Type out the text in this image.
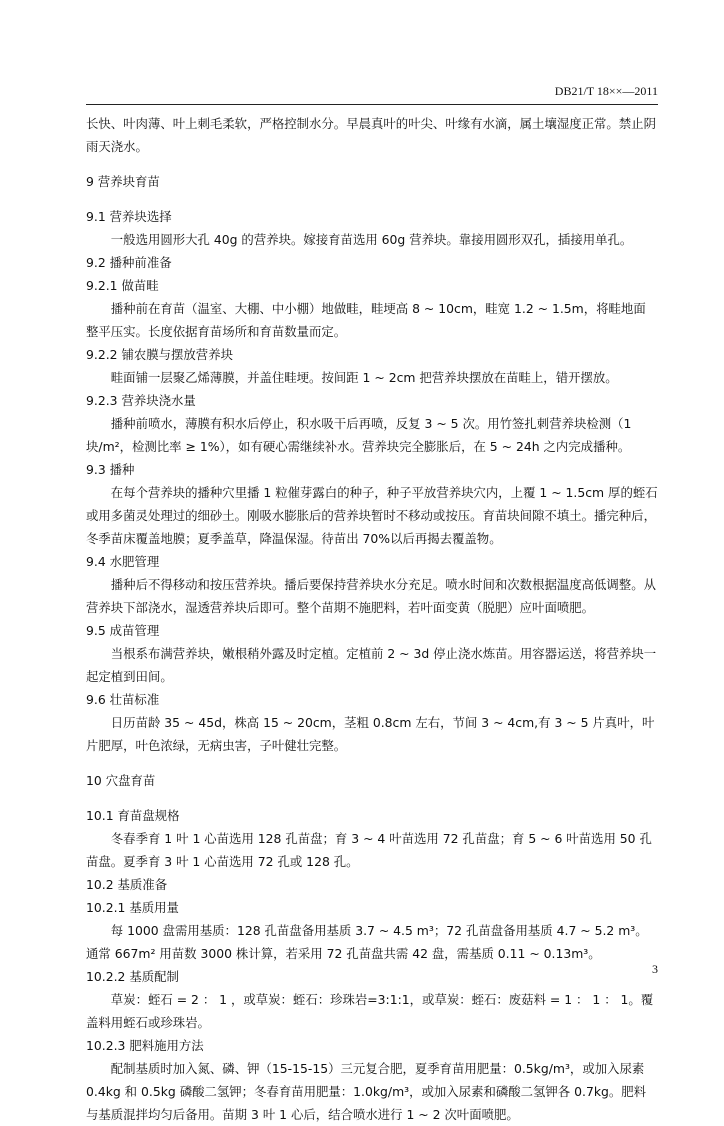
DB21/T 18××—2011

长快、叶肉薄、叶上刺毛柔软，严格控制水分。早晨真叶的叶尖、叶缘有水滴，属土壤湿度正常。禁止阴雨天浇水。

9 营养块育苗

9.1 营养块选择

一般选用圆形大孔 40g 的营养块。嫁接育苗选用 60g 营养块。靠接用圆形双孔，插接用单孔。

9.2 播种前准备

9.2.1 做苗畦

播种前在育苗（温室、大棚、中小棚）地做畦，畦埂高 8 ~ 10cm，畦宽 1.2 ~ 1.5m，将畦地面整平压实。长度依据育苗场所和育苗数量而定。

9.2.2 铺农膜与摆放营养块

畦面铺一层聚乙烯薄膜，并盖住畦埂。按间距 1 ~ 2cm 把营养块摆放在苗畦上，错开摆放。

9.2.3 营养块浇水量

播种前喷水，薄膜有积水后停止，积水吸干后再喷，反复 3 ~ 5 次。用竹签扎刺营养块检测（1 块/m²，检测比率 ≥ 1%），如有硬心需继续补水。营养块完全膨胀后，在 5 ~ 24h 之内完成播种。

9.3 播种

在每个营养块的播种穴里播 1 粒催芽露白的种子，种子平放营养块穴内，上覆 1 ~ 1.5cm 厚的蛭石或用多菌灵处理过的细砂土。刚吸水膨胀后的营养块暂时不移动或按压。育苗块间隙不填土。播完种后，冬季苗床覆盖地膜；夏季盖草，降温保湿。待苗出 70%以后再揭去覆盖物。

9.4 水肥管理

播种后不得移动和按压营养块。播后要保持营养块水分充足。喷水时间和次数根据温度高低调整。从营养块下部浇水，湿透营养块后即可。整个苗期不施肥料，若叶面变黄（脱肥）应叶面喷肥。

9.5 成苗管理

当根系布满营养块，嫩根稍外露及时定植。定植前 2 ~ 3d 停止浇水炼苗。用容器运送，将营养块一起定植到田间。

9.6 壮苗标准

日历苗龄 35 ~ 45d，株高 15 ~ 20cm，茎粗 0.8cm 左右，节间 3 ~ 4cm,有 3 ~ 5 片真叶，叶片肥厚，叶色浓绿，无病虫害，子叶健壮完整。

10 穴盘育苗

10.1 育苗盘规格

冬春季育 1 叶 1 心苗选用 128 孔苗盘；育 3 ~ 4 叶苗选用 72 孔苗盘；育 5 ~ 6 叶苗选用 50 孔苗盘。夏季育 3 叶 1 心苗选用 72 孔或 128 孔。

10.2 基质准备

10.2.1 基质用量

每 1000 盘需用基质：128 孔苗盘备用基质 3.7 ~ 4.5 m³；72 孔苗盘备用基质 4.7 ~ 5.2 m³。通常 667m² 用苗数 3000 株计算，若采用 72 孔苗盘共需 42 盘，需基质 0.11 ~ 0.13m³。

10.2.2 基质配制

草炭：蛭石 = 2 ： 1 ，或草炭：蛭石：珍珠岩=3:1:1，或草炭：蛭石：废菇料 = 1 ： 1 ： 1。覆盖料用蛭石或珍珠岩。

10.2.3 肥料施用方法

配制基质时加入氮、磷、钾（15-15-15）三元复合肥，夏季育苗用肥量：0.5kg/m³，或加入尿素 0.4kg 和 0.5kg 磷酸二氢钾；冬春育苗用肥量：1.0kg/m³，或加入尿素和磷酸二氢钾各 0.7kg。肥料与基质混拌均匀后备用。苗期 3 叶 1 心后，结合喷水进行 1 ~ 2 次叶面喷肥。

3
